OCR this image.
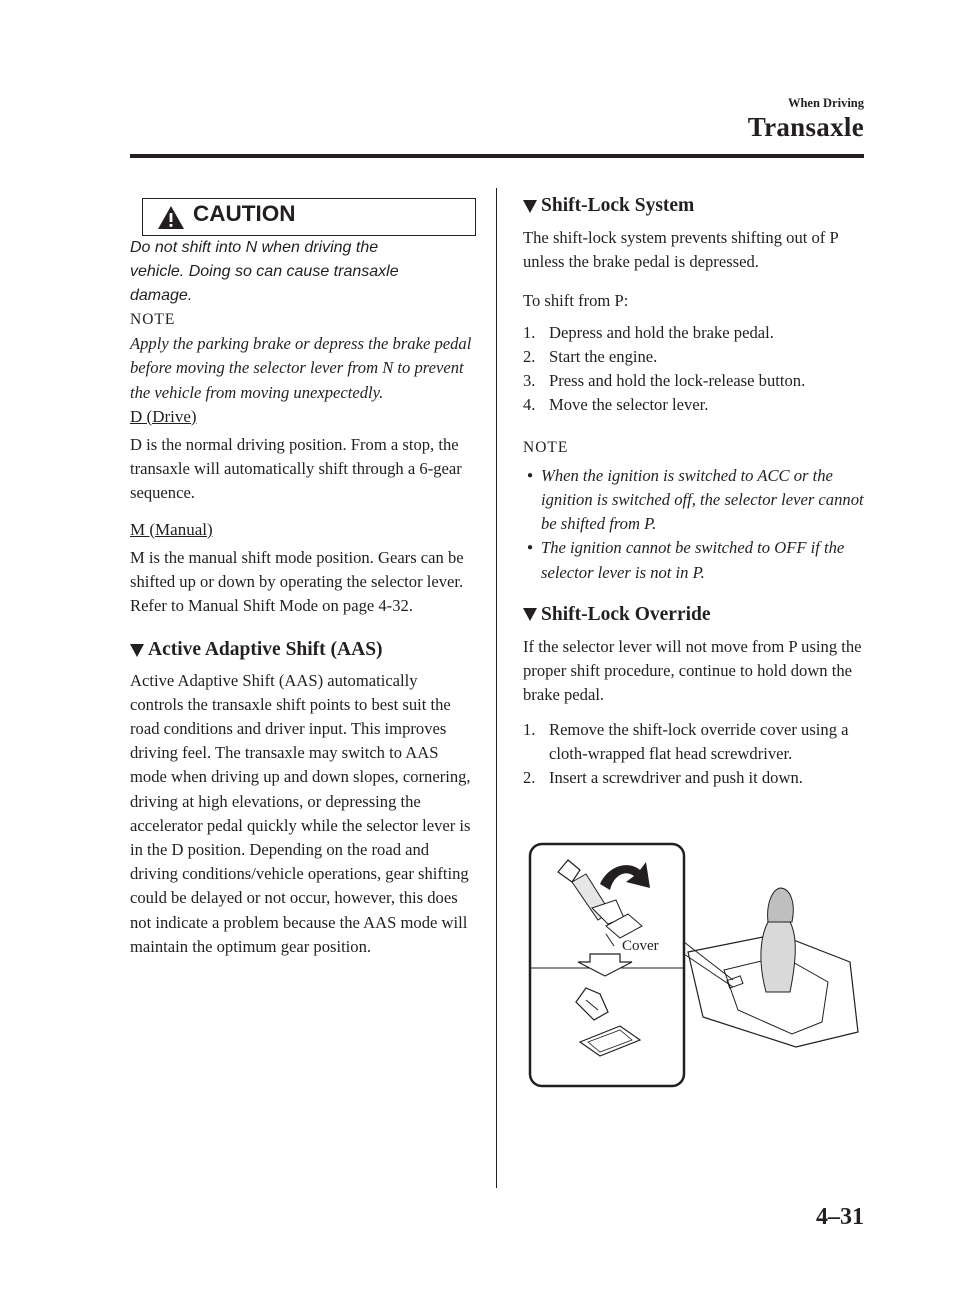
When Driving
Transaxle
CAUTION

Do not shift into N when driving the vehicle. Doing so can cause transaxle damage.

NOTE

Apply the parking brake or depress the brake pedal before moving the selector lever from N to prevent the vehicle from moving unexpectedly.

D (Drive)

D is the normal driving position. From a stop, the transaxle will automatically shift through a 6-gear sequence.

M (Manual)

M is the manual shift mode position. Gears can be shifted up or down by operating the selector lever. Refer to Manual Shift Mode on page 4-32.

Active Adaptive Shift (AAS)

Active Adaptive Shift (AAS) automatically controls the transaxle shift points to best suit the road conditions and driver input. This improves driving feel. The transaxle may switch to AAS mode when driving up and down slopes, cornering, driving at high elevations, or depressing the accelerator pedal quickly while the selector lever is in the D position. Depending on the road and driving conditions/vehicle operations, gear shifting could be delayed or not occur, however, this does not indicate a problem because the AAS mode will maintain the optimum gear position.

Shift-Lock System

The shift-lock system prevents shifting out of P unless the brake pedal is depressed.

To shift from P:

1. Depress and hold the brake pedal.
2. Start the engine.
3. Press and hold the lock-release button.
4. Move the selector lever.

NOTE

● When the ignition is switched to ACC or the ignition is switched off, the selector lever cannot be shifted from P.
● The ignition cannot be switched to OFF if the selector lever is not in P.
Shift-Lock Override

If the selector lever will not move from P using the proper shift procedure, continue to hold down the brake pedal.

1. Remove the shift-lock override cover using a cloth-wrapped flat head screwdriver.
2. Insert a screwdriver and push it down.
Cover
4–31
